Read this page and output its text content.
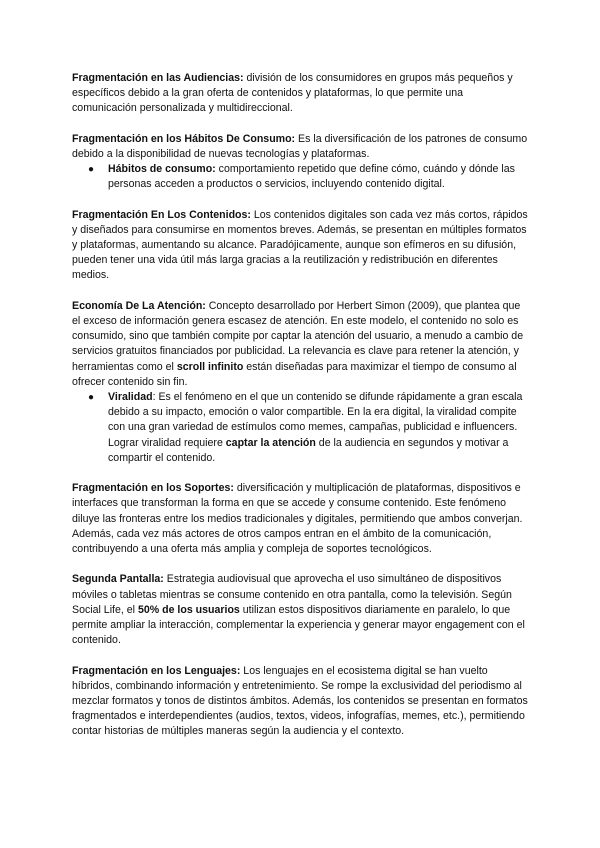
Fragmentación en las Audiencias: división de los consumidores en grupos más pequeños y específicos debido a la gran oferta de contenidos y plataformas, lo que permite una comunicación personalizada y multidireccional.

Fragmentación en los Hábitos De Consumo: Es la diversificación de los patrones de consumo debido a la disponibilidad de nuevas tecnologías y plataformas.
● Hábitos de consumo: comportamiento repetido que define cómo, cuándo y dónde las personas acceden a productos o servicios, incluyendo contenido digital.

Fragmentación En Los Contenidos: Los contenidos digitales son cada vez más cortos, rápidos y diseñados para consumirse en momentos breves. Además, se presentan en múltiples formatos y plataformas, aumentando su alcance. Paradójicamente, aunque son efímeros en su difusión, pueden tener una vida útil más larga gracias a la reutilización y redistribución en diferentes medios.

Economía De La Atención: Concepto desarrollado por Herbert Simon (2009), que plantea que el exceso de información genera escasez de atención. En este modelo, el contenido no solo es consumido, sino que también compite por captar la atención del usuario, a menudo a cambio de servicios gratuitos financiados por publicidad. La relevancia es clave para retener la atención, y herramientas como el scroll infinito están diseñadas para maximizar el tiempo de consumo al ofrecer contenido sin fin.
● Viralidad: Es el fenómeno en el que un contenido se difunde rápidamente a gran escala debido a su impacto, emoción o valor compartible. En la era digital, la viralidad compite con una gran variedad de estímulos como memes, campañas, publicidad e influencers. Lograr viralidad requiere captar la atención de la audiencia en segundos y motivar a compartir el contenido.

Fragmentación en los Soportes: diversificación y multiplicación de plataformas, dispositivos e interfaces que transforman la forma en que se accede y consume contenido. Este fenómeno diluye las fronteras entre los medios tradicionales y digitales, permitiendo que ambos converjan. Además, cada vez más actores de otros campos entran en el ámbito de la comunicación, contribuyendo a una oferta más amplia y compleja de soportes tecnológicos.

Segunda Pantalla: Estrategia audiovisual que aprovecha el uso simultáneo de dispositivos móviles o tabletas mientras se consume contenido en otra pantalla, como la televisión. Según Social Life, el 50% de los usuarios utilizan estos dispositivos diariamente en paralelo, lo que permite ampliar la interacción, complementar la experiencia y generar mayor engagement con el contenido.

Fragmentación en los Lenguajes: Los lenguajes en el ecosistema digital se han vuelto híbridos, combinando información y entretenimiento. Se rompe la exclusividad del periodismo al mezclar formatos y tonos de distintos ámbitos. Además, los contenidos se presentan en formatos fragmentados e interdependientes (audios, textos, videos, infografías, memes, etc.), permitiendo contar historias de múltiples maneras según la audiencia y el contexto.
